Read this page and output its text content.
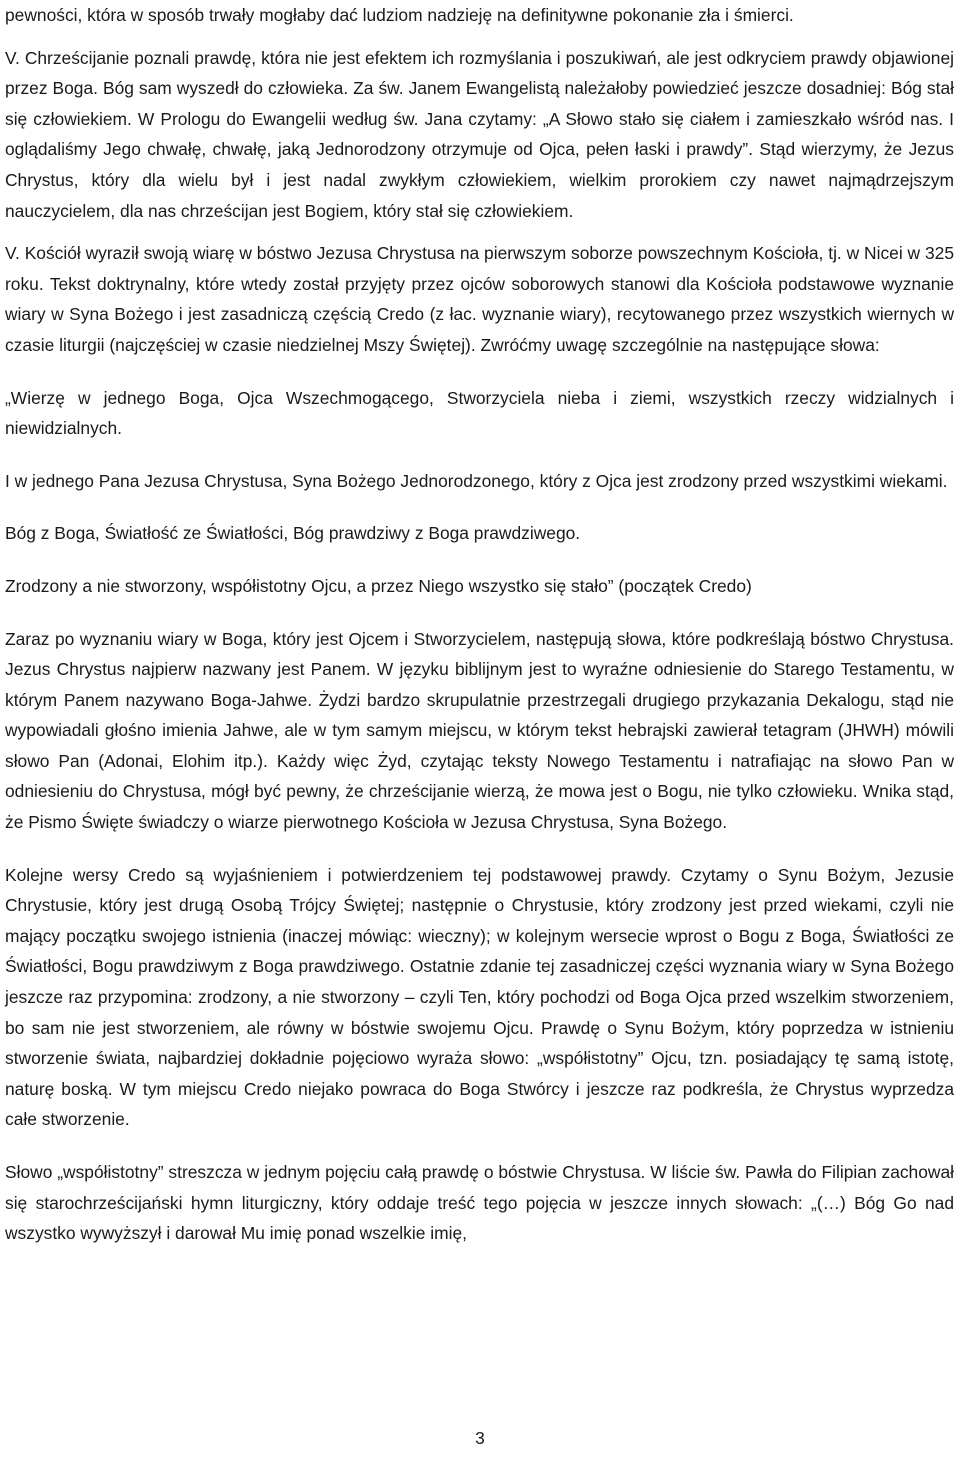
pewności, która w sposób trwały mogłaby dać ludziom nadzieję na definitywne pokonanie zła i śmierci.

V. Chrześcijanie poznali prawdę, która nie jest efektem ich rozmyślania i poszukiwań, ale jest odkryciem prawdy objawionej przez Boga. Bóg sam wyszedł do człowieka. Za św. Janem Ewangelistą należałoby powiedzieć jeszcze dosadniej: Bóg stał się człowiekiem. W Prologu do Ewangelii według św. Jana czytamy: „A Słowo stało się ciałem i zamieszkało wśród nas. I oglądaliśmy Jego chwałę, chwałę, jaką Jednorodzony otrzymuje od Ojca, pełen łaski i prawdy”. Stąd wierzymy, że Jezus Chrystus, który dla wielu był i jest nadal zwykłym człowiekiem, wielkim prorokiem czy nawet najmądrzejszym nauczycielem, dla nas chrześcijan jest Bogiem, który stał się człowiekiem.

V. Kościół wyraził swoją wiarę w bóstwo Jezusa Chrystusa na pierwszym soborze powszechnym Kościoła, tj. w Nicei w 325 roku. Tekst doktrynalny, które wtedy został przyjęty przez ojców soborowych stanowi dla Kościoła podstawowe wyznanie wiary w Syna Bożego i jest zasadniczą częścią Credo (z łac. wyznanie wiary), recytowanego przez wszystkich wiernych w czasie liturgii (najczęściej w czasie niedzielnej Mszy Świętej). Zwróćmy uwagę szczególnie na następujące słowa:

„Wierzę w jednego Boga, Ojca Wszechmogącego, Stworzyciela nieba i ziemi, wszystkich rzeczy widzialnych i niewidzialnych.

I w jednego Pana Jezusa Chrystusa, Syna Bożego Jednorodzonego, który z Ojca jest zrodzony przed wszystkimi wiekami.

Bóg z Boga, Światłość ze Światłości, Bóg prawdziwy z Boga prawdziwego.

Zrodzony a nie stworzony, współistotny Ojcu, a przez Niego wszystko się stało” (początek Credo)

Zaraz po wyznaniu wiary w Boga, który jest Ojcem i Stworzycielem, następują słowa, które podkreślają bóstwo Chrystusa. Jezus Chrystus najpierw nazwany jest Panem. W języku biblijnym jest to wyraźne odniesienie do Starego Testamentu, w którym Panem nazywano Boga-Jahwe. Żydzi bardzo skrupulatnie przestrzegali drugiego przykazania Dekalogu, stąd nie wypowiadali głośno imienia Jahwe, ale w tym samym miejscu, w którym tekst hebrajski zawierał tetagram (JHWH) mówili słowo Pan (Adonai, Elohim itp.). Każdy więc Żyd, czytając teksty Nowego Testamentu i natrafiając na słowo Pan w odniesieniu do Chrystusa, mógł być pewny, że chrześcijanie wierzą, że mowa jest o Bogu, nie tylko człowieku. Wnika stąd, że Pismo Święte świadczy o wiarze pierwotnego Kościoła w Jezusa Chrystusa, Syna Bożego.

Kolejne wersy Credo są wyjaśnieniem i potwierdzeniem tej podstawowej prawdy. Czytamy o Synu Bożym, Jezusie Chrystusie, który jest drugą Osobą Trójcy Świętej; następnie o Chrystusie, który zrodzony jest przed wiekami, czyli nie mający początku swojego istnienia (inaczej mówiąc: wieczny); w kolejnym wersecie wprost o Bogu z Boga, Światłości ze Światłości, Bogu prawdziwym z Boga prawdziwego. Ostatnie zdanie tej zasadniczej części wyznania wiary w Syna Bożego jeszcze raz przypomina: zrodzony, a nie stworzony – czyli Ten, który pochodzi od Boga Ojca przed wszelkim stworzeniem, bo sam nie jest stworzeniem, ale równy w bóstwie swojemu Ojcu. Prawdę o Synu Bożym, który poprzedza w istnieniu stworzenie świata, najbardziej dokładnie pojęciowo wyraża słowo: „współistotny” Ojcu, tzn. posiadający tę samą istotę, naturę boską. W tym miejscu Credo niejako powraca do Boga Stwórcy i jeszcze raz podkreśla, że Chrystus wyprzedza całe stworzenie.

Słowo „współistotny” streszcza w jednym pojęciu całą prawdę o bóstwie Chrystusa. W liście św. Pawła do Filipian zachował się starochrześcijański hymn liturgiczny, który oddaje treść tego pojęcia w jeszcze innych słowach: „(…) Bóg Go nad wszystko wywyższył i darował Mu imię ponad wszelkie imię,

3
